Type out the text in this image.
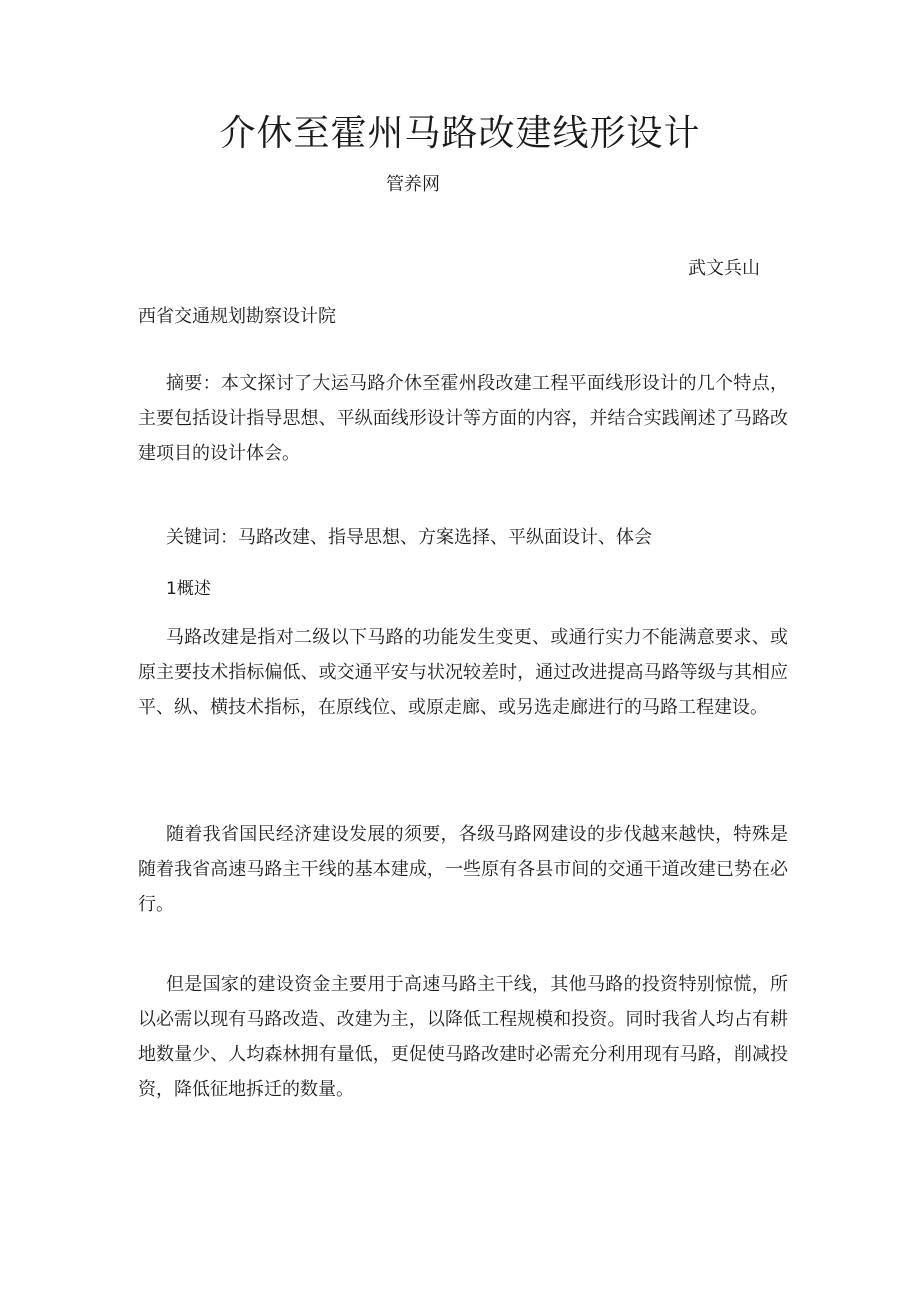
介休至霍州马路改建线形设计
管养网
武文兵山
西省交通规划勘察设计院
摘要：本文探讨了大运马路介休至霍州段改建工程平面线形设计的几个特点，主要包括设计指导思想、平纵面线形设计等方面的内容，并结合实践阐述了马路改建项目的设计体会。
关键词：马路改建、指导思想、方案选择、平纵面设计、体会
1概述
马路改建是指对二级以下马路的功能发生变更、或通行实力不能满意要求、或原主要技术指标偏低、或交通平安与状况较差时，通过改进提高马路等级与其相应平、纵、横技术指标，在原线位、或原走廊、或另选走廊进行的马路工程建设。
随着我省国民经济建设发展的须要，各级马路网建设的步伐越来越快，特殊是随着我省高速马路主干线的基本建成，一些原有各县市间的交通干道改建已势在必行。
但是国家的建设资金主要用于高速马路主干线，其他马路的投资特别惊慌，所以必需以现有马路改造、改建为主，以降低工程规模和投资。同时我省人均占有耕地数量少、人均森林拥有量低，更促使马路改建时必需充分利用现有马路，削减投资，降低征地拆迁的数量。
